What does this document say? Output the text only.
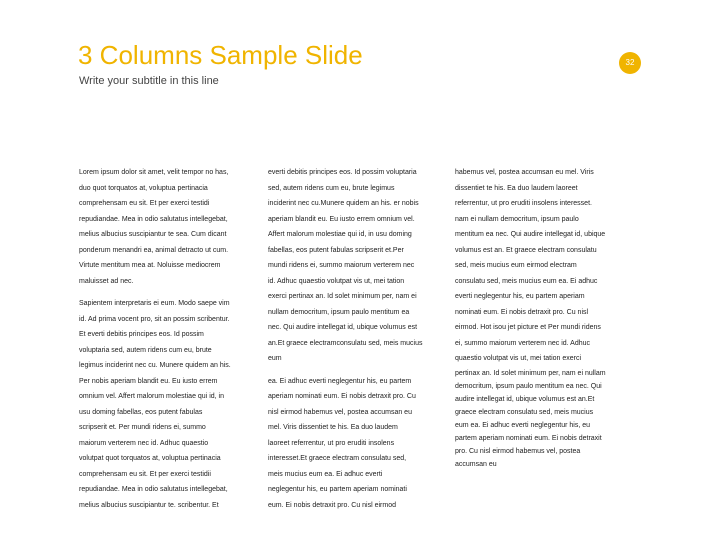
3 Columns Sample Slide	32
Write your subtitle in this line
Lorem ipsum dolor sit amet, velit tempor no has,
duo quot torquatos at, voluptua pertinacia
comprehensam eu sit. Et per exerci testidi
repudiandae. Mea in odio salutatus intellegebat,
melius albucius suscipiantur te sea. Cum dicant
ponderum menandri ea, animal detracto ut cum.
Virtute mentitum mea at. Noluisse mediocrem
maluisset ad nec.
Sapientem interpretaris ei eum. Modo saepe vim
id. Ad prima vocent pro, sit an possim scribentur.
Et everti debitis principes eos. Id possim
voluptaria sed, autem ridens cum eu, brute
legimus inciderint nec cu. Munere quidem an his.
Per nobis aperiam blandit eu. Eu iusto errem
omnium vel. Affert malorum molestiae qui id, in
usu doming fabellas, eos putent fabulas
scripserit et. Per mundi ridens ei, summo
maiorum verterem nec id. Adhuc quaestio
volutpat quot torquatos at, voluptua pertinacia
comprehensam eu sit. Et per exerci testidii
repudiandae. Mea in odio salutatus intellegebat,
melius albucius suscipiantur te. scribentur. Et
everti debitis principes eos. Id possim voluptaria
sed, autem ridens cum eu, brute legimus
inciderint nec cu.Munere quidem an his. er nobis
aperiam blandit eu. Eu iusto errem omnium vel.
Affert malorum molestiae qui id, in usu doming
fabellas, eos putent fabulas scripserit et.Per
mundi ridens ei, summo maiorum verterem nec
id. Adhuc quaestio volutpat vis ut, mei tation
exerci pertinax an. Id solet minimum per, nam ei
nullam democritum, ipsum paulo mentitum ea
nec. Qui audire intellegat id, ubique volumus est
an.Et graece electramconsulatu sed, meis mucius
eum
ea. Ei adhuc everti neglegentur his, eu partem
aperiam nominati eum. Ei nobis detraxit pro. Cu
nisl eirmod habemus vel, postea accumsan eu
mel. Viris dissentiet te his. Ea duo laudem
laoreet referrentur, ut pro eruditi insolens
interesset.Et graece electram consulatu sed,
meis mucius eum ea. Ei adhuc everti
neglegentur his, eu partem aperiam nominati
eum. Ei nobis detraxit pro. Cu nisl eirmod
habemus vel, postea accumsan eu mel. Viris
dissentiet te his. Ea duo laudem laoreet
referrentur, ut pro eruditi insolens interesset.
nam ei nullam democritum, ipsum paulo
mentitum ea nec. Qui audire intellegat id, ubique
volumus est an. Et graece electram consulatu
sed, meis mucius eum eirmod electram
consulatu sed, meis mucius eum ea. Ei adhuc
everti neglegentur his, eu partem aperiam
nominati eum. Ei nobis detraxit pro. Cu nisl
eirmod. Hot isou jet picture et Per mundi ridens
ei, summo maiorum verterem nec id. Adhuc
quaestio volutpat vis ut, mei tation exerci
pertinax an. Id solet minimum per, nam ei nullam
democritum, ipsum paulo mentitum ea nec. Qui
audire intellegat id, ubique volumus est an.Et
graece electram consulatu sed, meis mucius
eum ea. Ei adhuc everti neglegentur his, eu
partem aperiam nominati eum. Ei nobis detraxit
pro. Cu nisl eirmod habemus vel, postea
accumsan eu
